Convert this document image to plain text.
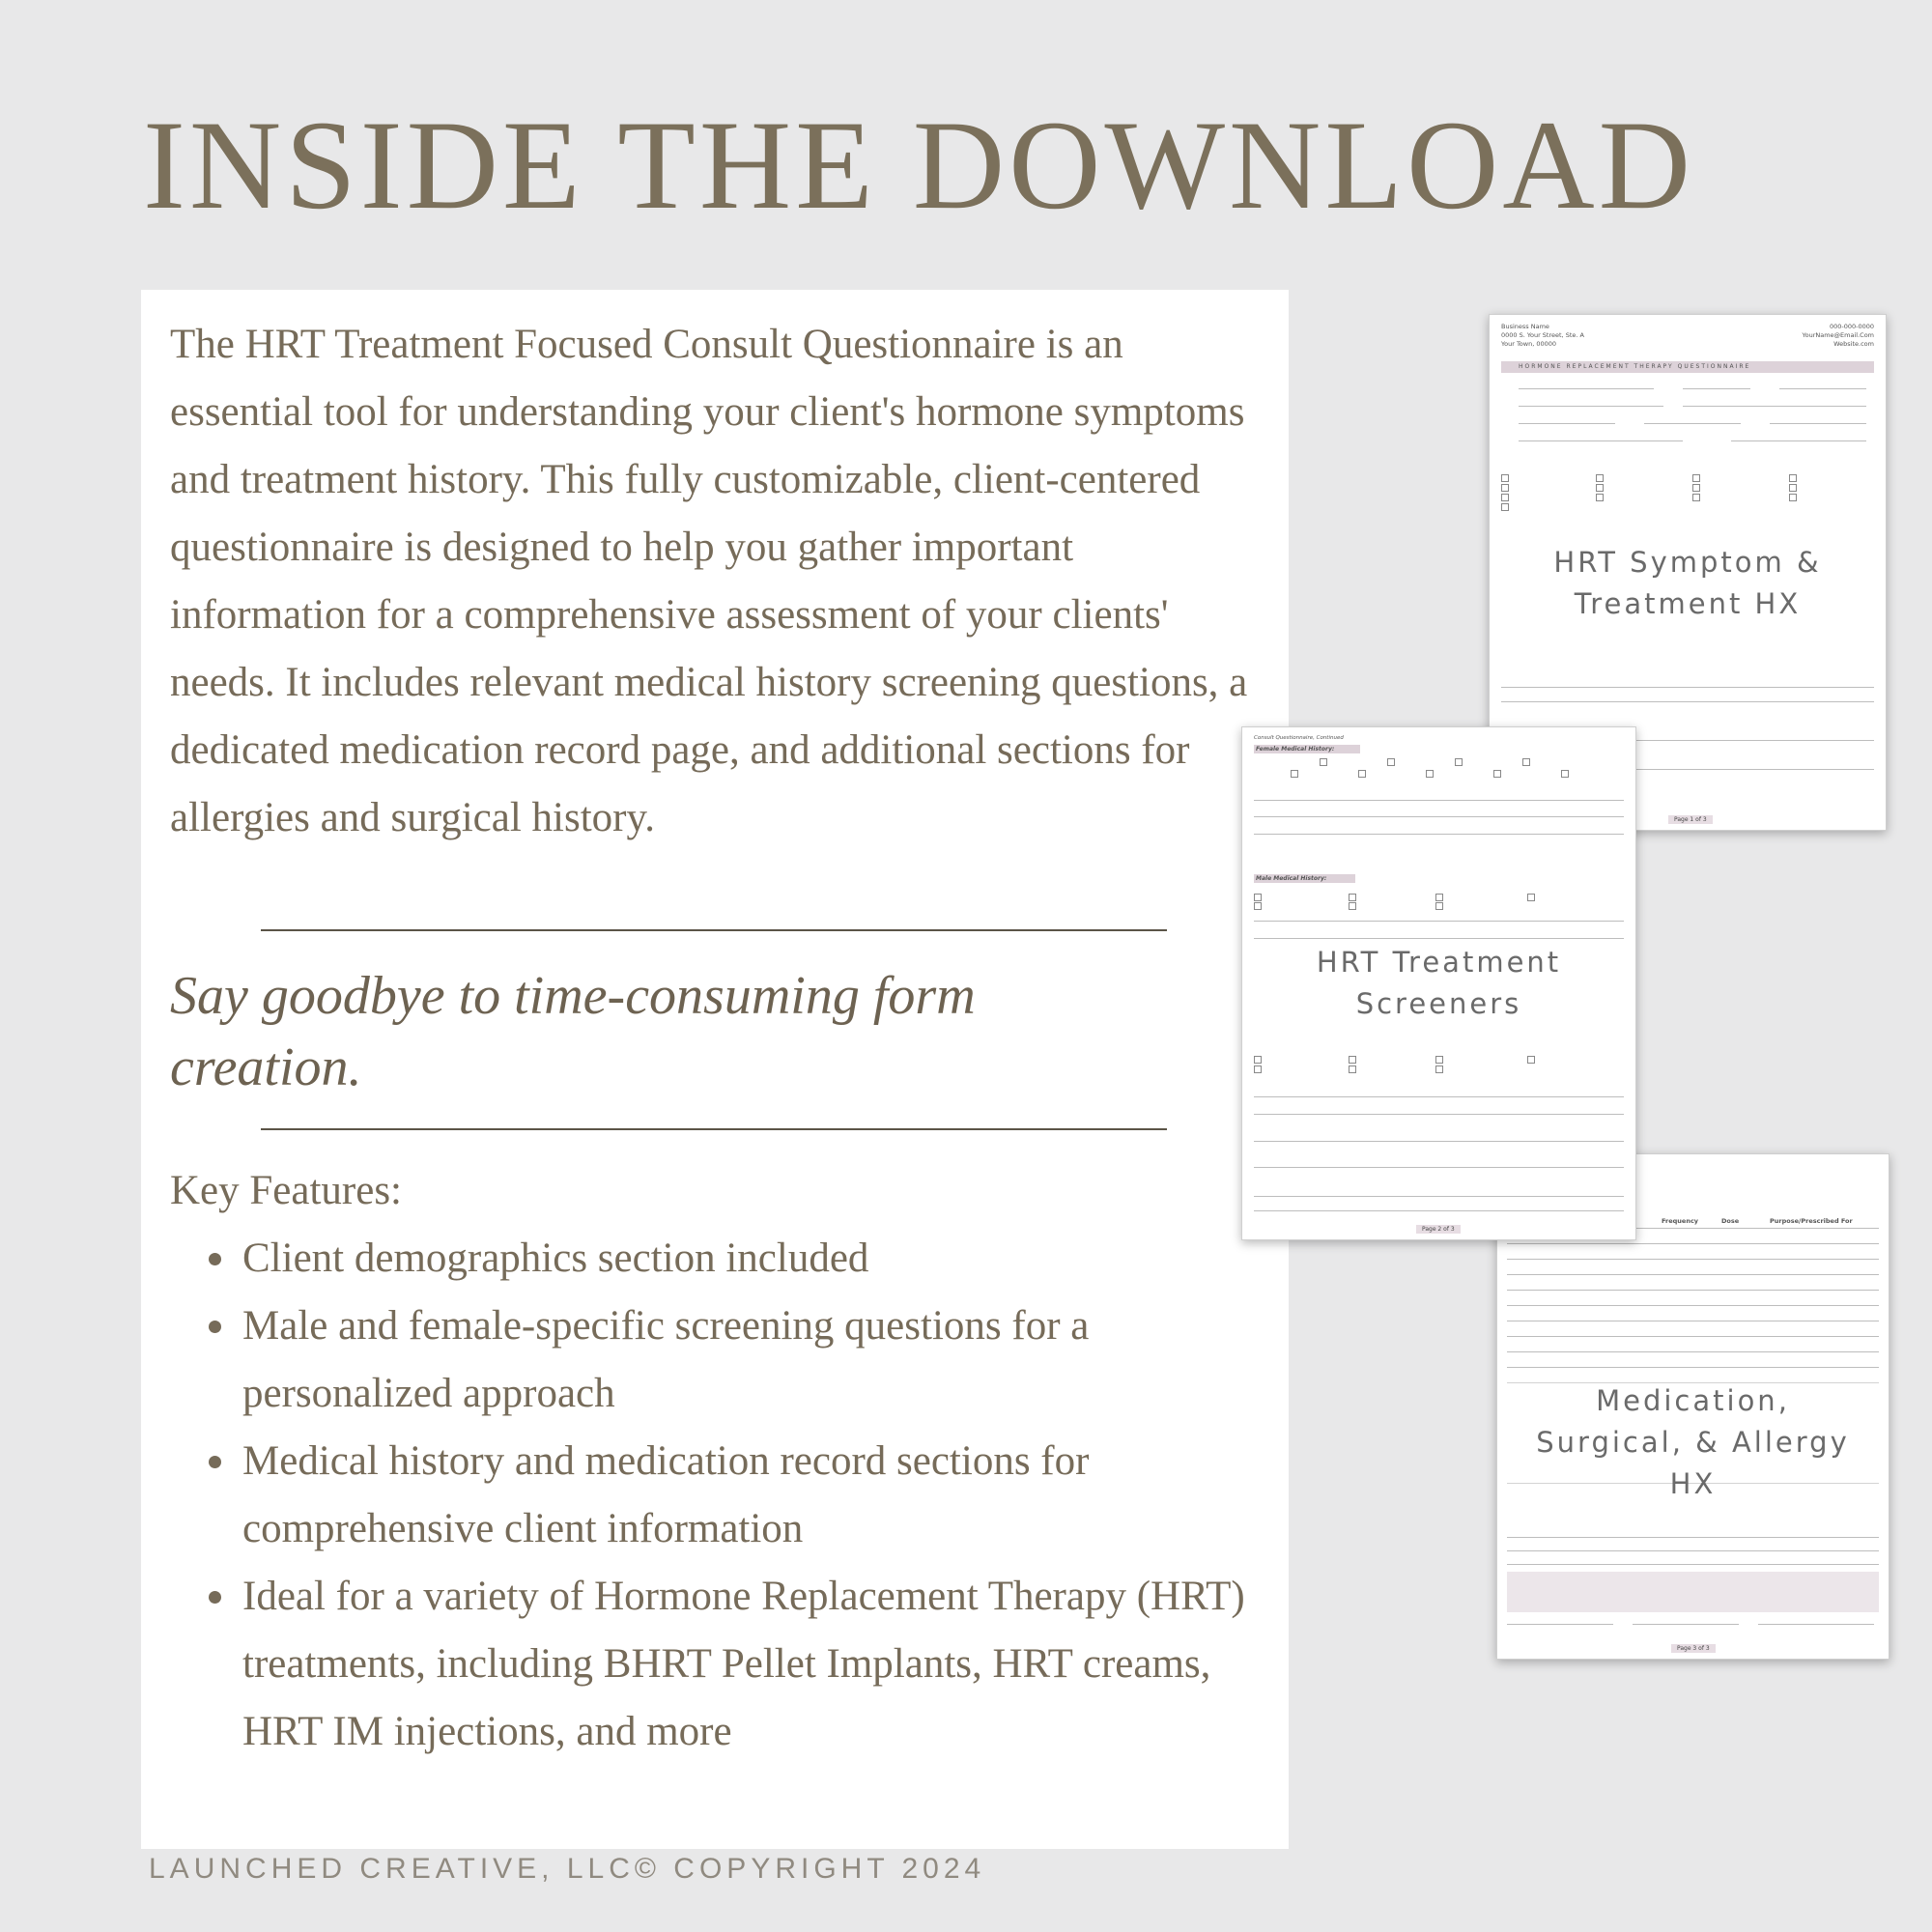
INSIDE THE DOWNLOAD

The HRT Treatment Focused Consult Questionnaire is an essential tool for understanding your client's hormone symptoms and treatment history. This fully customizable, client-centered questionnaire is designed to help you gather important information for a comprehensive assessment of your clients' needs. It includes relevant medical history screening questions, a dedicated medication record page, and additional sections for allergies and surgical history.

Say goodbye to time-consuming form creation.

Key Features:
Client demographics section included
Male and female-specific screening questions for a personalized approach
Medical history and medication record sections for comprehensive client information
Ideal for a variety of Hormone Replacement Therapy (HRT) treatments, including BHRT Pellet Implants, HRT creams, HRT IM injections, and more
Business Name
0000 S. Your Street, Ste. A
Your Town, 00000
000-000-0000
YourName@Email.Com
Website.com
HORMONE REPLACEMENT THERAPY QUESTIONNAIRE
HRT Symptom &
Treatment HX
Page 1 of 3
Frequency	Dose	Purpose/Prescribed For
Medication,
Surgical, & Allergy
HX
Page 3 of 3
Consult Questionnaire, Continued
Female Medical History:
Male Medical History:
HRT Treatment
Screeners
Page 2 of 3

LAUNCHED CREATIVE, LLC© COPYRIGHT 2024
